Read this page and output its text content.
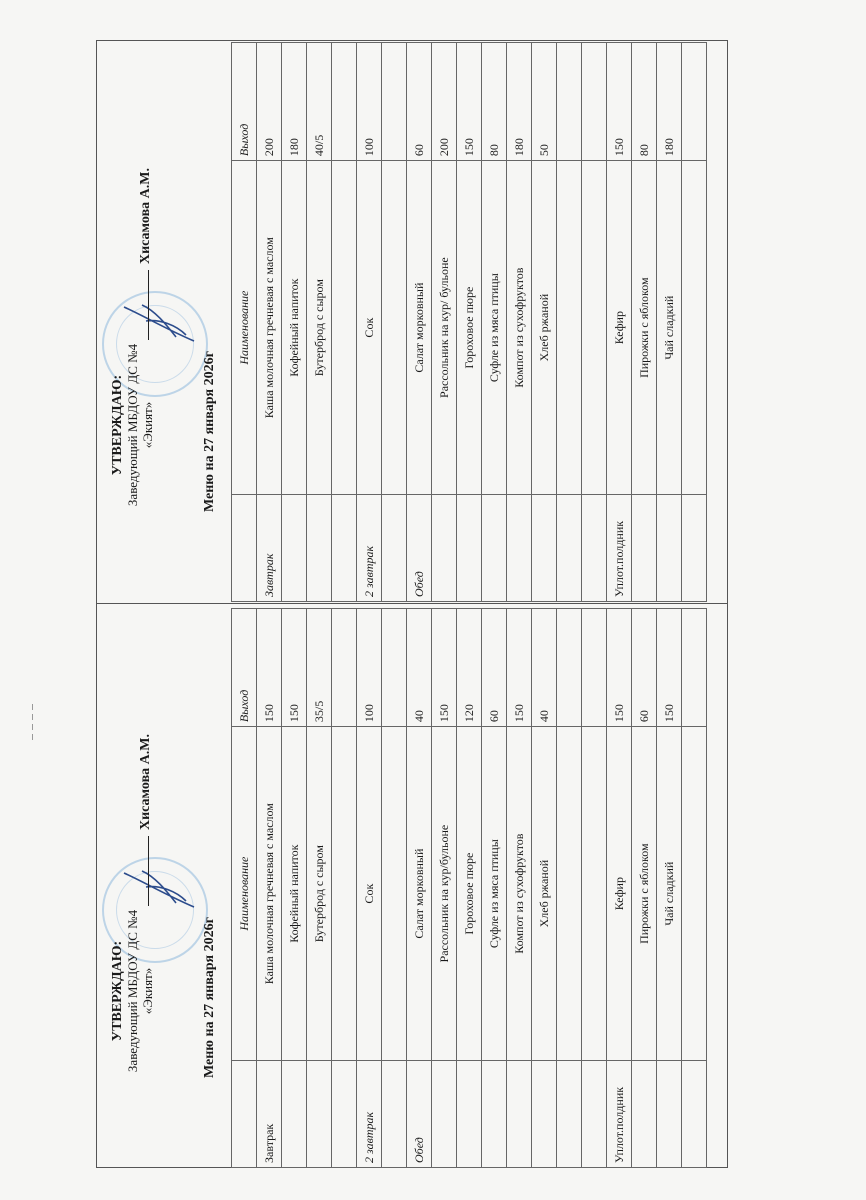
УТВЕРЖДАЮ: Заведующий МБДОУ ДС №4 «Экият»
Хисамова А.М.
Меню на 27 января 2026г
	Наименование	Выход
Завтрак	Каша молочная гречневая с маслом	150
	Кофейный напиток	150
	Бутерброд с сыром	35/5

2 завтрак	Сок	100

Обед	Салат морковный	40
	Рассольник на кур/бульоне	150
	Гороховое пюре	120
	Суфле из мяса птицы	60
	Компот из сухофруктов	150
	Хлеб ржаной	40

Уплот.полдник	Кефир	150
	Пирожки с яблоком	60
	Чай сладкий	150

УТВЕРЖДАЮ: Заведующий МБДОУ ДС №4 «Экият»
Хисамова А.М.
Меню на 27 января 2026г
	Наименование	Выход
Завтрак	Каша молочная гречневая с маслом	200
	Кофейный напиток	180
	Бутерброд с сыром	40/5

2 завтрак	Сок	100

Обед	Салат морковный	60
	Рассольник на кур/ бульоне	200
	Гороховое пюре	150
	Суфле из мяса птицы	80
	Компот из сухофруктов	180
	Хлеб ржаной	50

Уплот.полдник	Кефир	150
	Пирожки с яблоком	80
	Чай сладкий	180
